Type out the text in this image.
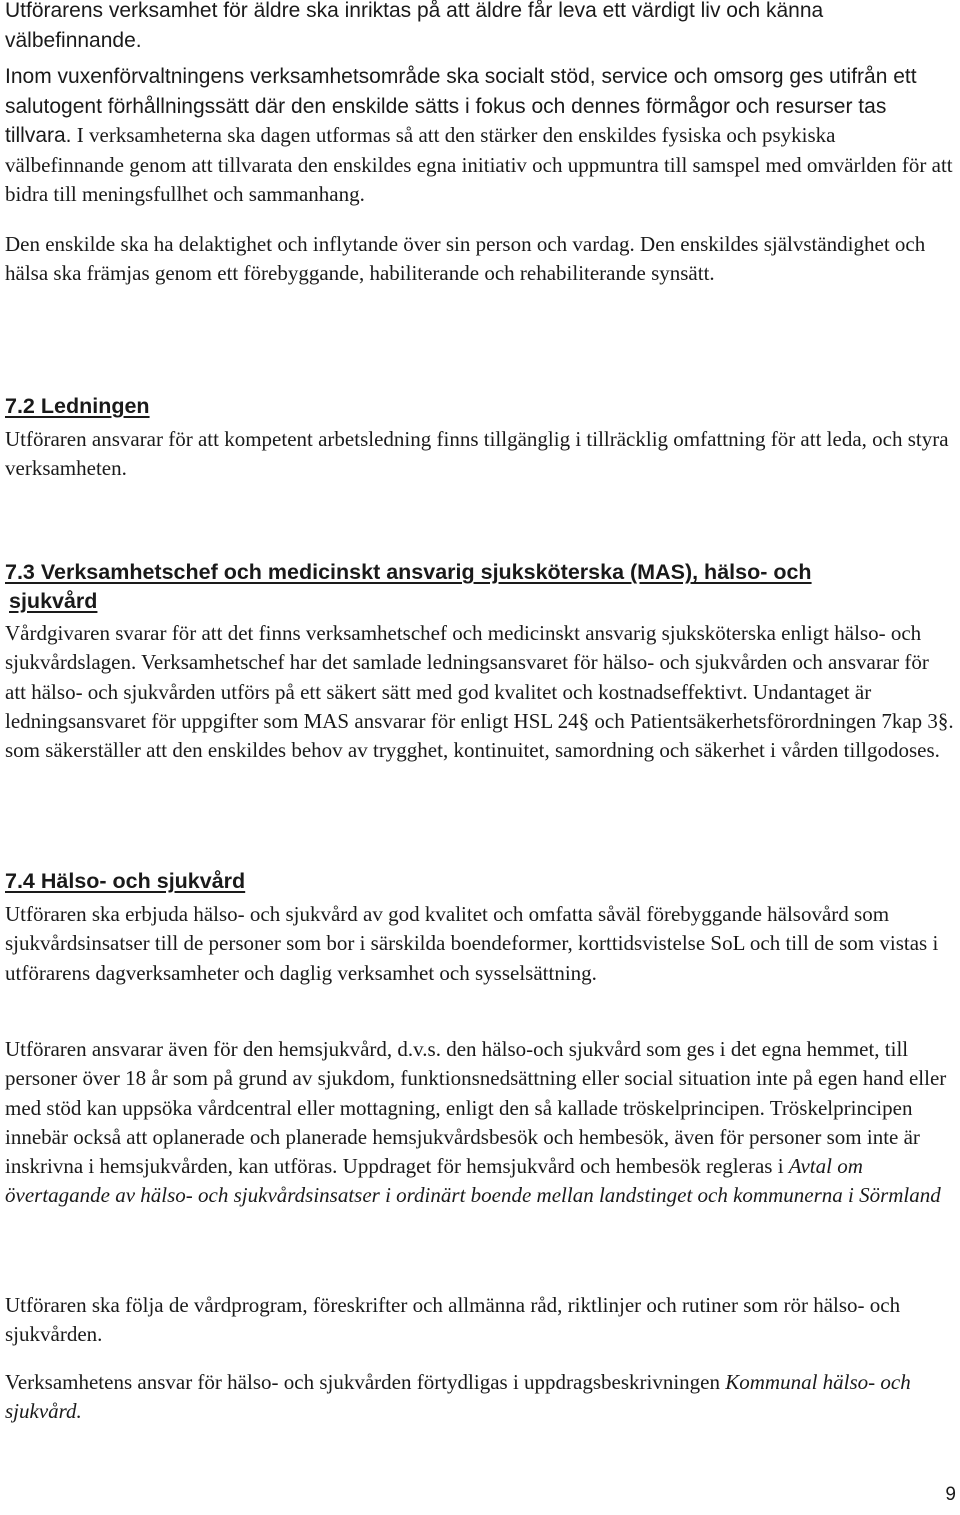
Utförarens verksamhet för äldre ska inriktas på att äldre får leva ett värdigt liv och känna välbefinnande.

Inom vuxenförvaltningens verksamhetsområde ska socialt stöd, service och omsorg ges utifrån ett salutogent förhållningssätt där den enskilde sätts i fokus och dennes förmågor och resurser tas tillvara. I verksamheterna ska dagen utformas så att den stärker den enskildes fysiska och psykiska välbefinnande genom att tillvarata den enskildes egna initiativ och uppmuntra till samspel med omvärlden för att bidra till meningsfullhet och sammanhang.

Den enskilde ska ha delaktighet och inflytande över sin person och vardag. Den enskildes självständighet och hälsa ska främjas genom ett förebyggande, habiliterande och rehabiliterande synsätt.

7.2 Ledningen

Utföraren ansvarar för att kompetent arbetsledning finns tillgänglig i tillräcklig omfattning för att leda, och styra verksamheten.

7.3 Verksamhetschef och medicinskt ansvarig sjuksköterska (MAS), hälso- och
sjukvård

Vårdgivaren svarar för att det finns verksamhetschef och medicinskt ansvarig sjuksköterska enligt hälso- och sjukvårdslagen. Verksamhetschef har det samlade ledningsansvaret för hälso- och sjukvården och ansvarar för att hälso- och sjukvården utförs på ett säkert sätt med god kvalitet och kostnadseffektivt. Undantaget är ledningsansvaret för uppgifter som MAS ansvarar för enligt HSL 24§ och Patientsäkerhetsförordningen 7kap 3§. som säkerställer att den enskildes behov av trygghet, kontinuitet, samordning och säkerhet i vården tillgodoses.

7.4 Hälso- och sjukvård

Utföraren ska erbjuda hälso- och sjukvård av god kvalitet och omfatta såväl förebyggande hälsovård som sjukvårdsinsatser till de personer som bor i särskilda boendeformer, korttidsvistelse SoL och till de som vistas i utförarens dagverksamheter och daglig verksamhet och sysselsättning.

Utföraren ansvarar även för den hemsjukvård, d.v.s. den hälso-och sjukvård som ges i det egna hemmet, till personer över 18 år som på grund av sjukdom, funktionsnedsättning eller social situation inte på egen hand eller med stöd kan uppsöka vårdcentral eller mottagning, enligt den så kallade tröskelprincipen. Tröskelprincipen innebär också att oplanerade och planerade hemsjukvårdsbesök och hembesök, även för personer som inte är inskrivna i hemsjukvården, kan utföras. Uppdraget för hemsjukvård och hembesök regleras i Avtal om övertagande av hälso- och sjukvårdsinsatser i ordinärt boende mellan landstinget och kommunerna i Sörmland

Utföraren ska följa de vårdprogram, föreskrifter och allmänna råd, riktlinjer och rutiner som rör hälso- och sjukvården.

Verksamhetens ansvar för hälso- och sjukvården förtydligas i uppdragsbeskrivningen Kommunal hälso- och sjukvård.

9
